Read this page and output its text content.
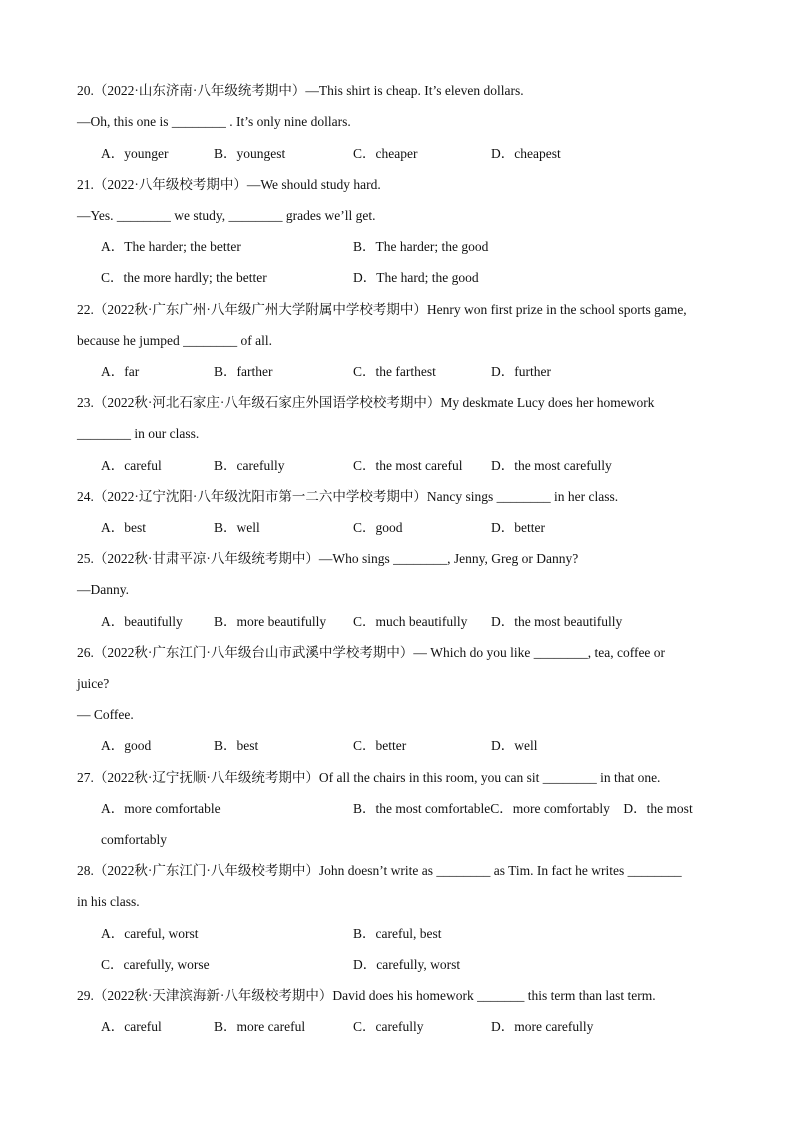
20.（2022·山东济南·八年级统考期中）—This shirt is cheap. It’s eleven dollars.
—Oh, this one is ________ . It’s only nine dollars.
A．younger	B．youngest	C．cheaper	D．cheapest
21.（2022·八年级校考期中）—We should study hard.
—Yes. ________ we study, ________ grades we’ll get.
A．The harder; the better	B．The harder; the good
C．the more hardly; the better	D．The hard; the good
22.（2022秋·广东广州·八年级广州大学附属中学校考期中）Henry won first prize in the school sports game,
because he jumped ________ of all.
A．far	B．farther	C．the farthest	D．further
23.（2022秋·河北石家庄·八年级石家庄外国语学校校考期中）My deskmate Lucy does her homework
________ in our class.
A．careful	B．carefully	C．the most careful D．the most carefully
24.（2022·辽宁沈阳·八年级沈阳市第一二六中学校考期中）Nancy sings ________ in her class.
A．best	B．well	C．good	D．better
25.（2022秋·甘肃平凉·八年级统考期中）—Who sings ________, Jenny, Greg or Danny?
—Danny.
A．beautifully B．more beautifully C．much beautifully D．the most beautifully
26.（2022秋·广东江门·八年级台山市武溪中学校考期中）— Which do you like ________, tea, coffee or
juice?
— Coffee.
A．good	B．best	C．better	D．well
27.（2022秋·辽宁抚顺·八年级统考期中）Of all the chairs in this room, you can sit ________ in that one.
A．more comfortable	B．the most comfortableC．more comfortably　D．the most
comfortably
28.（2022秋·广东江门·八年级校考期中）John doesn’t write as ________ as Tim. In fact he writes ________
in his class.
A．careful, worst	B．careful, best
C．carefully, worse	D．carefully, worst
29.（2022秋·天津滨海新·八年级校考期中）David does his homework _______ this term than last term.
A．careful	B．more careful	C．carefully	D．more carefully
